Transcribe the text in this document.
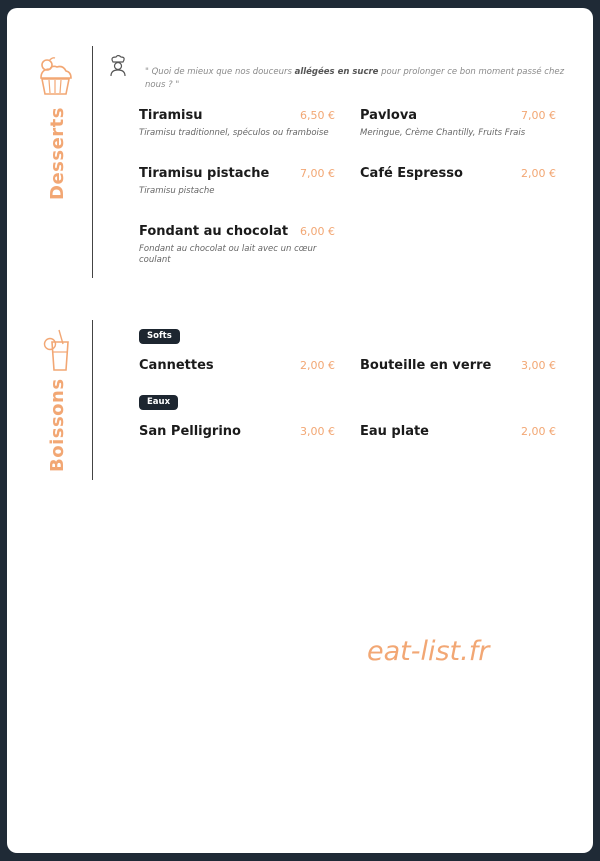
Desserts
" Quoi de mieux que nos douceurs allégées en sucre pour prolonger ce bon moment passé chez nous ? "
Tiramisu	6,50 €
Tiramisu traditionnel, spéculos ou framboise
Pavlova	7,00 €
Meringue, Crème Chantilly, Fruits Frais
Tiramisu pistache	7,00 €
Tiramisu pistache
Café Espresso	2,00 €
Fondant au chocolat	6,00 €
Fondant au chocolat ou lait avec un cœur coulant
Boissons
Softs
Cannettes	2,00 € Bouteille en verre	3,00 €
Eaux
San Pelligrino	3,00 € Eau plate	2,00 €
eat-list.fr
